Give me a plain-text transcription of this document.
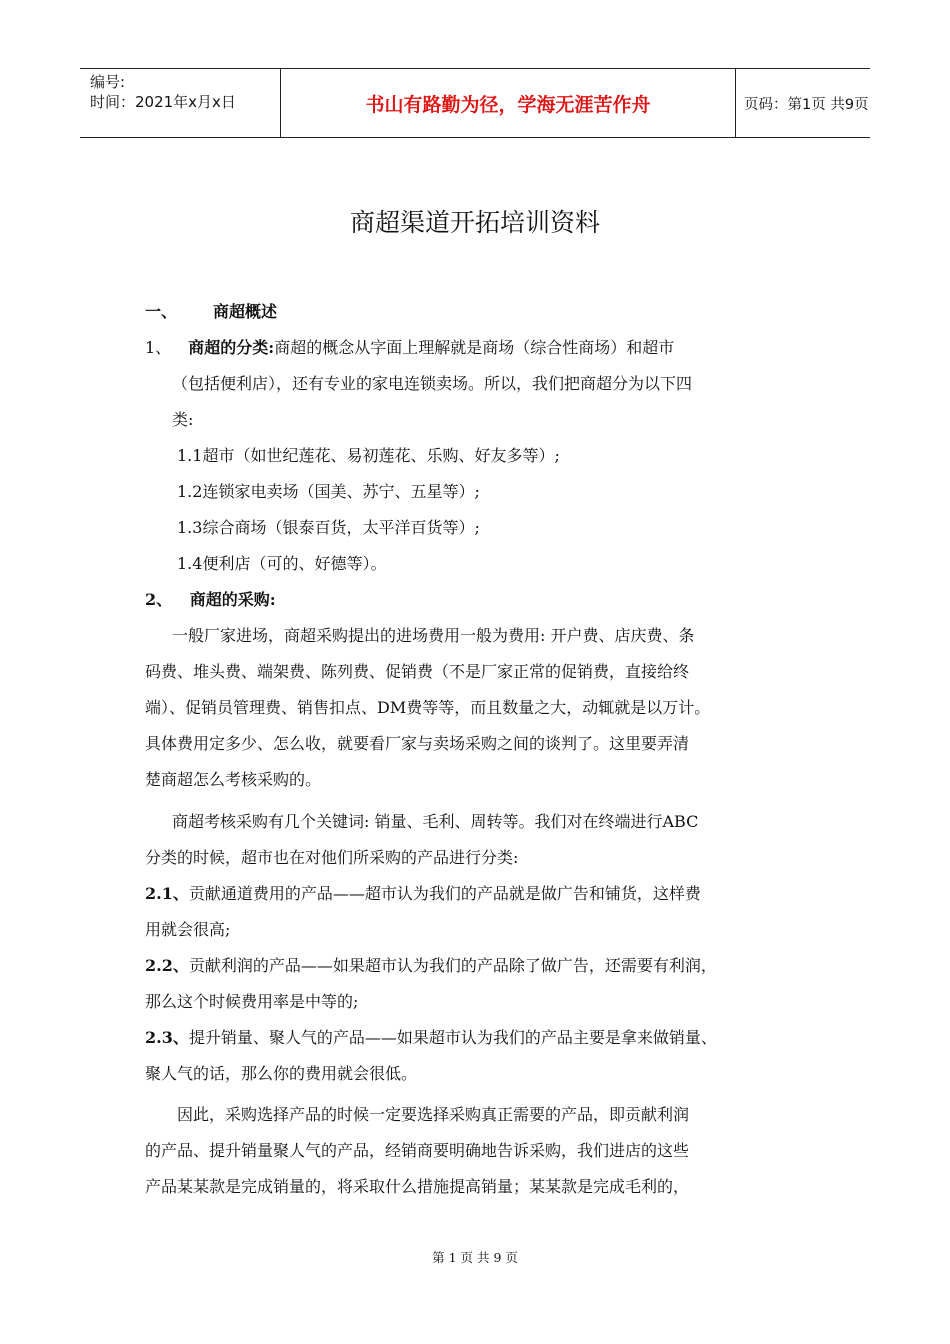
编号:
时间：2021年x月x日	书山有路勤为径，学海无涯苦作舟	页码：第1页 共9页
商超渠道开拓培训资料
一、 商超概述
1、 商超的分类:商超的概念从字面上理解就是商场（综合性商场）和超市
（包括便利店），还有专业的家电连锁卖场。所以，我们把商超分为以下四
类:
1.1超市（如世纪莲花、易初莲花、乐购、好友多等）;
1.2连锁家电卖场（国美、苏宁、五星等）;
1.3综合商场（银泰百货，太平洋百货等）;
1.4便利店（可的、好德等）。
2、 商超的采购:
一般厂家进场，商超采购提出的进场费用一般为费用: 开户费、店庆费、条
码费、堆头费、端架费、陈列费、促销费（不是厂家正常的促销费，直接给终
端）、促销员管理费、销售扣点、DM费等等，而且数量之大，动辄就是以万计。
具体费用定多少、怎么收，就要看厂家与卖场采购之间的谈判了。这里要弄清
楚商超怎么考核采购的。
商超考核采购有几个关键词: 销量、毛利、周转等。我们对在终端进行ABC
分类的时候，超市也在对他们所采购的产品进行分类:
2.1、贡献通道费用的产品——超市认为我们的产品就是做广告和铺货，这样费
用就会很高;
2.2、贡献利润的产品——如果超市认为我们的产品除了做广告，还需要有利润，
那么这个时候费用率是中等的;
2.3、提升销量、聚人气的产品——如果超市认为我们的产品主要是拿来做销量、
聚人气的话，那么你的费用就会很低。
因此，采购选择产品的时候一定要选择采购真正需要的产品，即贡献利润
的产品、提升销量聚人气的产品，经销商要明确地告诉采购，我们进店的这些
产品某某款是完成销量的，将采取什么措施提高销量；某某款是完成毛利的，
第 1 页 共 9 页
